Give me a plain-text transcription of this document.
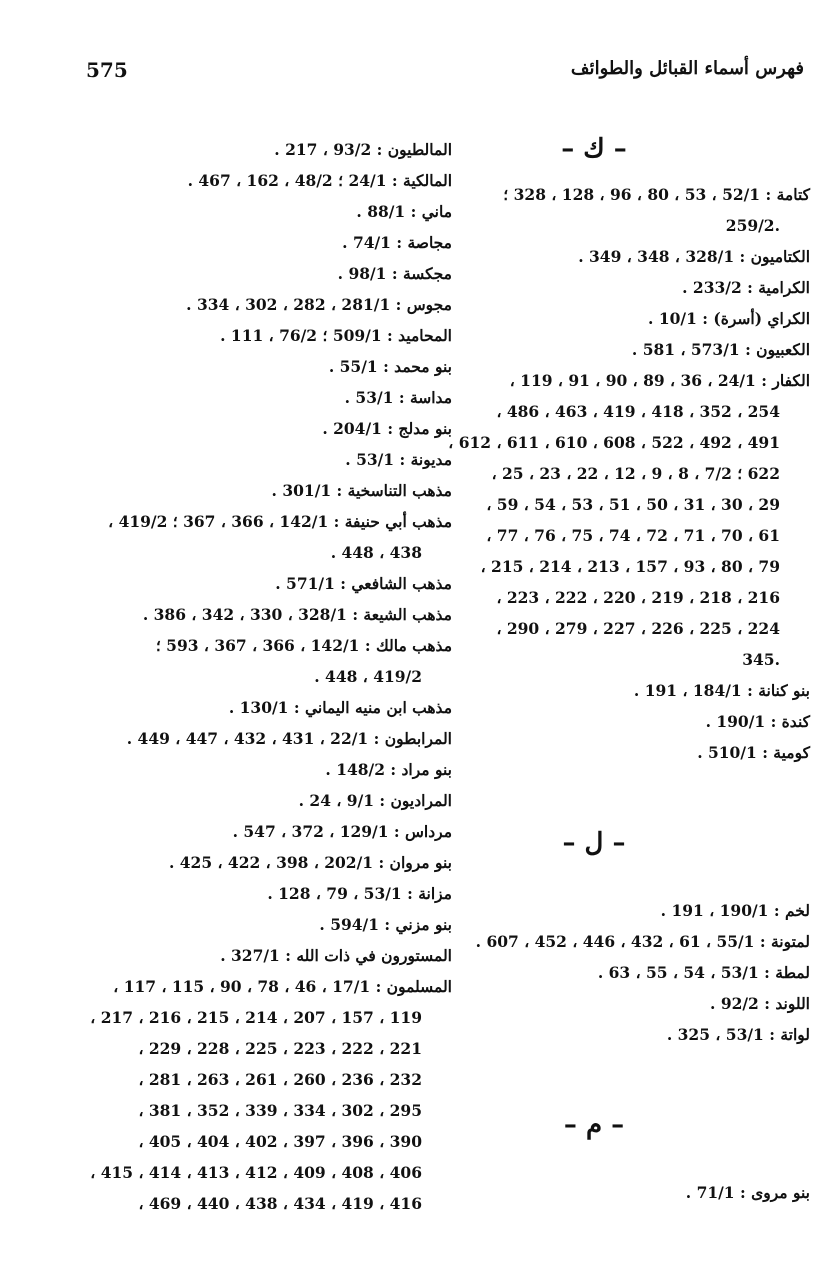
575	فهرس أسماء القبائل والطوائف
– ك –
كتامة : 52/1 ، 53 ، 80 ، 96 ، 128 ، 328 ؛
.259/2
الكتاميون : 328/1 ، 348 ، 349 .
الكرامية : 233/2 .
الكراي (أسرة) : 10/1 .
الكعبيون : 573/1 ، 581 .
الكفار : 24/1 ، 36 ، 89 ، 90 ، 91 ، 119 ،
254 ، 352 ، 418 ، 419 ، 463 ، 486 ،
491 ، 492 ، 522 ، 608 ، 610 ، 611 ، 612 ،
622 ؛ 7/2 ، 8 ، 9 ، 12 ، 22 ، 23 ، 25 ،
29 ، 30 ، 31 ، 50 ، 51 ، 53 ، 54 ، 59 ،
61 ، 70 ، 71 ، 72 ، 74 ، 75 ، 76 ، 77 ،
79 ، 80 ، 93 ، 157 ، 213 ، 214 ، 215 ،
216 ، 218 ، 219 ، 220 ، 222 ، 223 ،
224 ، 225 ، 226 ، 227 ، 279 ، 290 ،
.345
بنو كنانة : 184/1 ، 191 .
كندة : 190/1 .
كومية : 510/1 .
– ل –
لخم : 190/1 ، 191 .
لمتونة : 55/1 ، 61 ، 432 ، 446 ، 452 ، 607 .
لمطة : 53/1 ، 54 ، 55 ، 63 .
اللوند : 92/2 .
لواتة : 53/1 ، 325 .
– م –
بنو مروى : 71/1 .
المالطيون : 93/2 ، 217 .
المالكية : 24/1 ؛ 48/2 ، 162 ، 467 .
ماني : 88/1 .
مجاصة : 74/1 .
مجكسة : 98/1 .
مجوس : 281/1 ، 282 ، 302 ، 334 .
المحاميد : 509/1 ؛ 76/2 ، 111 .
بنو محمد : 55/1 .
مداسة : 53/1 .
بنو مدلج : 204/1 .
مديونة : 53/1 .
مذهب التناسخية : 301/1 .
مذهب أبي حنيفة : 142/1 ، 366 ، 367 ؛ 419/2 ،
438 ، 448 .
مذهب الشافعي : 571/1 .
مذهب الشيعة : 328/1 ، 330 ، 342 ، 386 .
مذهب مالك : 142/1 ، 366 ، 367 ، 593 ؛
419/2 ، 448 .
مذهب ابن منيه اليماني : 130/1 .
المرابطون : 22/1 ، 431 ، 432 ، 447 ، 449 .
بنو مراد : 148/2 .
المراديون : 9/1 ، 24 .
مرداس : 129/1 ، 372 ، 547 .
بنو مروان : 202/1 ، 398 ، 422 ، 425 .
مزانة : 53/1 ، 79 ، 128 .
بنو مزني : 594/1 .
المستورون في ذات الله : 327/1 .
المسلمون : 17/1 ، 46 ، 78 ، 90 ، 115 ، 117 ،
119 ، 157 ، 207 ، 214 ، 215 ، 216 ، 217 ،
221 ، 222 ، 223 ، 225 ، 228 ، 229 ،
232 ، 236 ، 260 ، 261 ، 263 ، 281 ،
295 ، 302 ، 334 ، 339 ، 352 ، 381 ،
390 ، 396 ، 397 ، 402 ، 404 ، 405 ،
406 ، 408 ، 409 ، 412 ، 413 ، 414 ، 415 ،
416 ، 419 ، 434 ، 438 ، 440 ، 469 ،
